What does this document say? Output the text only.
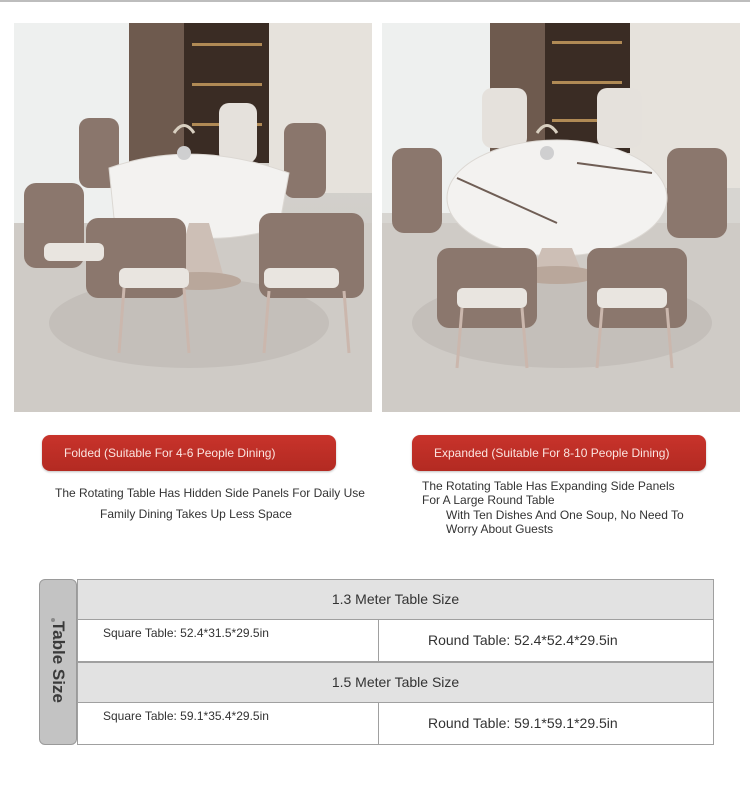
Folded (Suitable For 4-6 People Dining)	Expanded (Suitable For 8-10 People Dining)
The Rotating Table Has Hidden Side Panels For Daily Use
Family Dining Takes Up Less Space
The Rotating Table Has Expanding Side Panels For A Large Round Table
With Ten Dishes And One Soup, No Need To Worry About Guests
Table Size
1.3 Meter Table Size
Square Table: 52.4*31.5*29.5in	Round Table: 52.4*52.4*29.5in
1.5 Meter Table Size
Square Table: 59.1*35.4*29.5in	Round Table: 59.1*59.1*29.5in
